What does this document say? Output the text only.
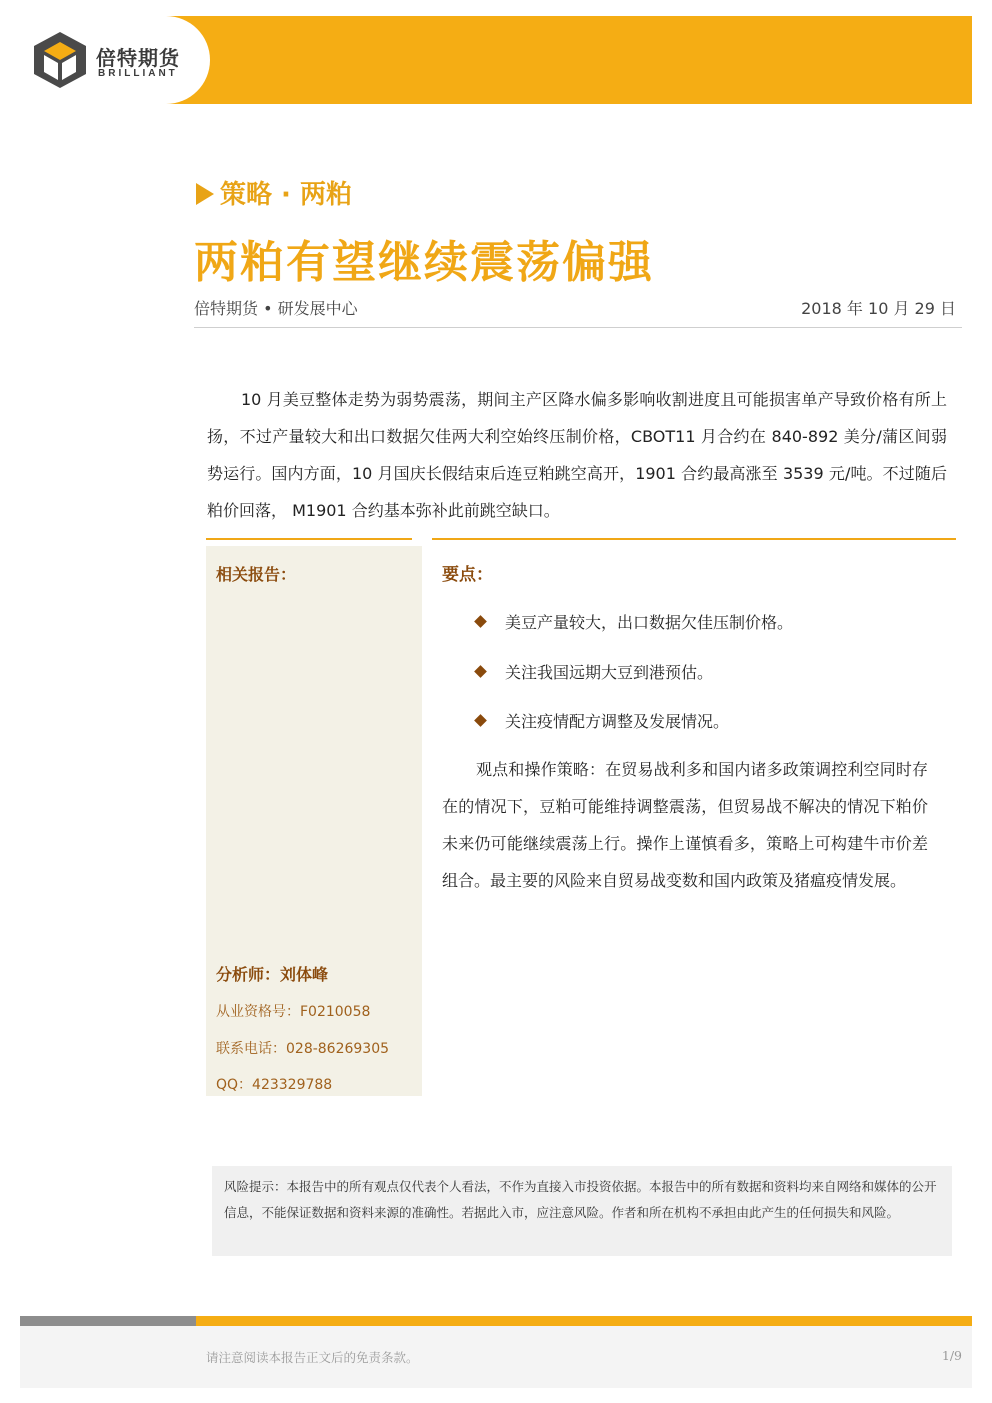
倍特期货
BRILLIANT
策略 · 两粕
两粕有望继续震荡偏强
倍特期货 • 研发展中心	2018 年 10 月 29 日
10 月美豆整体走势为弱势震荡，期间主产区降水偏多影响收割进度且可能损害单产导致价格有所上扬，不过产量较大和出口数据欠佳两大利空始终压制价格，CBOT11 月合约在 840-892 美分/蒲区间弱势运行。国内方面，10 月国庆长假结束后连豆粕跳空高开，1901 合约最高涨至 3539 元/吨。不过随后粕价回落， M1901 合约基本弥补此前跳空缺口。
相关报告：
分析师：刘体峰
从业资格号：F0210058
联系电话：028-86269305
QQ：423329788
要点：
美豆产量较大，出口数据欠佳压制价格。
关注我国远期大豆到港预估。
关注疫情配方调整及发展情况。
观点和操作策略：在贸易战利多和国内诸多政策调控利空同时存在的情况下，豆粕可能维持调整震荡，但贸易战不解决的情况下粕价未来仍可能继续震荡上行。操作上谨慎看多，策略上可构建牛市价差组合。最主要的风险来自贸易战变数和国内政策及猪瘟疫情发展。
风险提示：本报告中的所有观点仅代表个人看法，不作为直接入市投资依据。本报告中的所有数据和资料均来自网络和媒体的公开信息，不能保证数据和资料来源的准确性。若据此入市，应注意风险。作者和所在机构不承担由此产生的任何损失和风险。
请注意阅读本报告正文后的免责条款。	1/9
